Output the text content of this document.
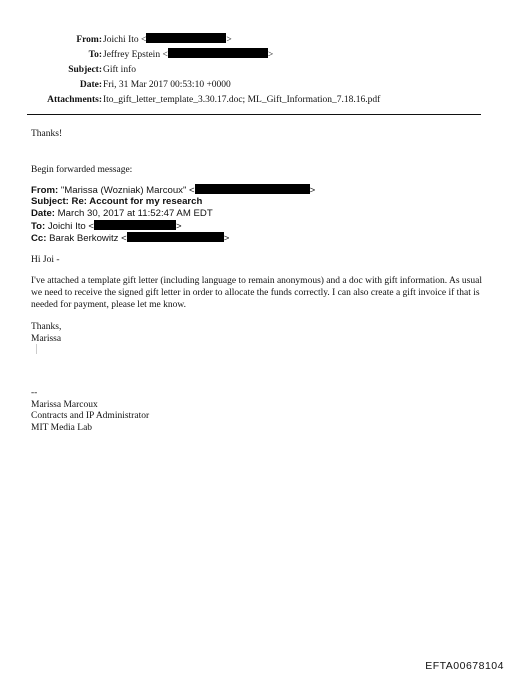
From: Joichi Ito <	>
To: Jeffrey Epstein <	>
Subject: Gift info
Date: Fri, 31 Mar 2017 00:53:10 +0000
Attachments: Ito_gift_letter_template_3.30.17.doc; ML_Gift_Information_7.18.16.pdf
Thanks!
Begin forwarded message:
From: "Marissa (Wozniak) Marcoux" <	>
Subject: Re: Account for my research
Date: March 30, 2017 at 11:52:47 AM EDT
To: Joichi Ito <	>
Cc: Barak Berkowitz <	>
Hi Joi -
I've attached a template gift letter (including language to remain anonymous) and a doc with gift information. As usual we need to receive the signed gift letter in order to allocate the funds correctly. I can also create a gift invoice if that is needed for payment, please let me know.
Thanks,
Marissa
--
Marissa Marcoux
Contracts and IP Administrator
MIT Media Lab
EFTA00678104
